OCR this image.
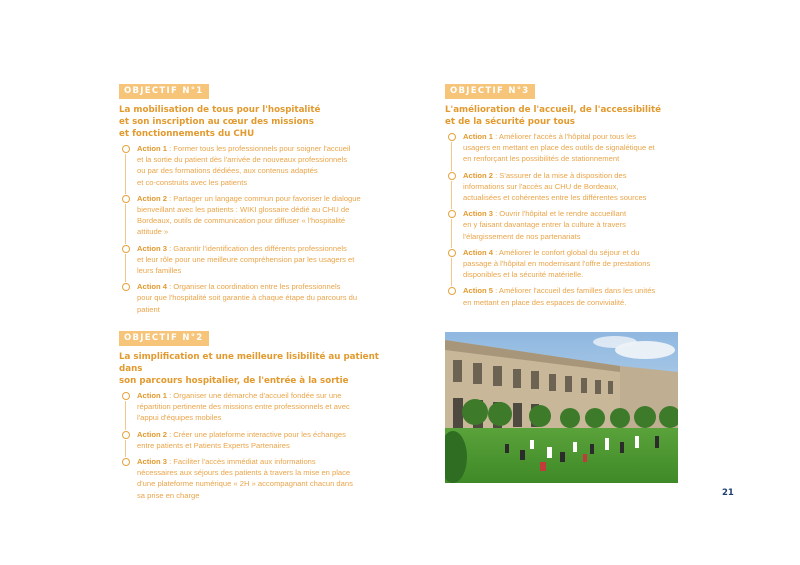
OBJECTIF N°1
La mobilisation de tous pour l'hospitalité
et son inscription au cœur des missions
et fonctionnements du CHU
Action 1 : Former tous les professionnels pour soigner l'accueil
et la sortie du patient dès l'arrivée de nouveaux professionnels
ou par des formations dédiées, aux contenus adaptés
et co-construits avec les patients
Action 2 : Partager un langage commun pour favoriser le dialogue
bienveillant avec les patients : WIKI glossaire dédié au CHU de
Bordeaux, outils de communication pour diffuser « l'hospitalité
attitude »
Action 3 : Garantir l'identification des différents professionnels
et leur rôle pour une meilleure compréhension par les usagers et
leurs familles
Action 4 : Organiser la coordination entre les professionnels
pour que l'hospitalité soit garantie à chaque étape du parcours du
patient
OBJECTIF N°3
L'amélioration de l'accueil, de l'accessibilité
et de la sécurité pour tous
Action 1 : Améliorer l'accès à l'hôpital pour tous les
usagers en mettant en place des outils de signalétique et
en renforçant les possibilités de stationnement
Action 2 : S'assurer de la mise à disposition des
informations sur l'accès au CHU de Bordeaux,
actualisées et cohérentes entre les différentes sources
Action 3 : Ouvrir l'hôpital et le rendre accueillant
en y faisant davantage entrer la culture à travers
l'élargissement de nos partenariats
Action 4 : Améliorer le confort global du séjour et du
passage à l'hôpital en modernisant l'offre de prestations
disponibles et la sécurité matérielle.
Action 5 : Améliorer l'accueil des familles dans les unités
en mettant en place des espaces de convivialité.
OBJECTIF N°2
La simplification et une meilleure lisibilité au patient dans
son parcours hospitalier, de l'entrée à la sortie
Action 1 : Organiser une démarche d'accueil fondée sur une
répartition pertinente des missions entre professionnels et avec
l'appui d'équipes mobiles
Action 2 : Créer une plateforme interactive pour les échanges
entre patients et Patients Experts Partenaires
Action 3 : Faciliter l'accès immédiat aux informations
nécessaires aux séjours des patients à travers la mise en place
d'une plateforme numérique « 2H » accompagnant chacun dans
sa prise en charge	21
